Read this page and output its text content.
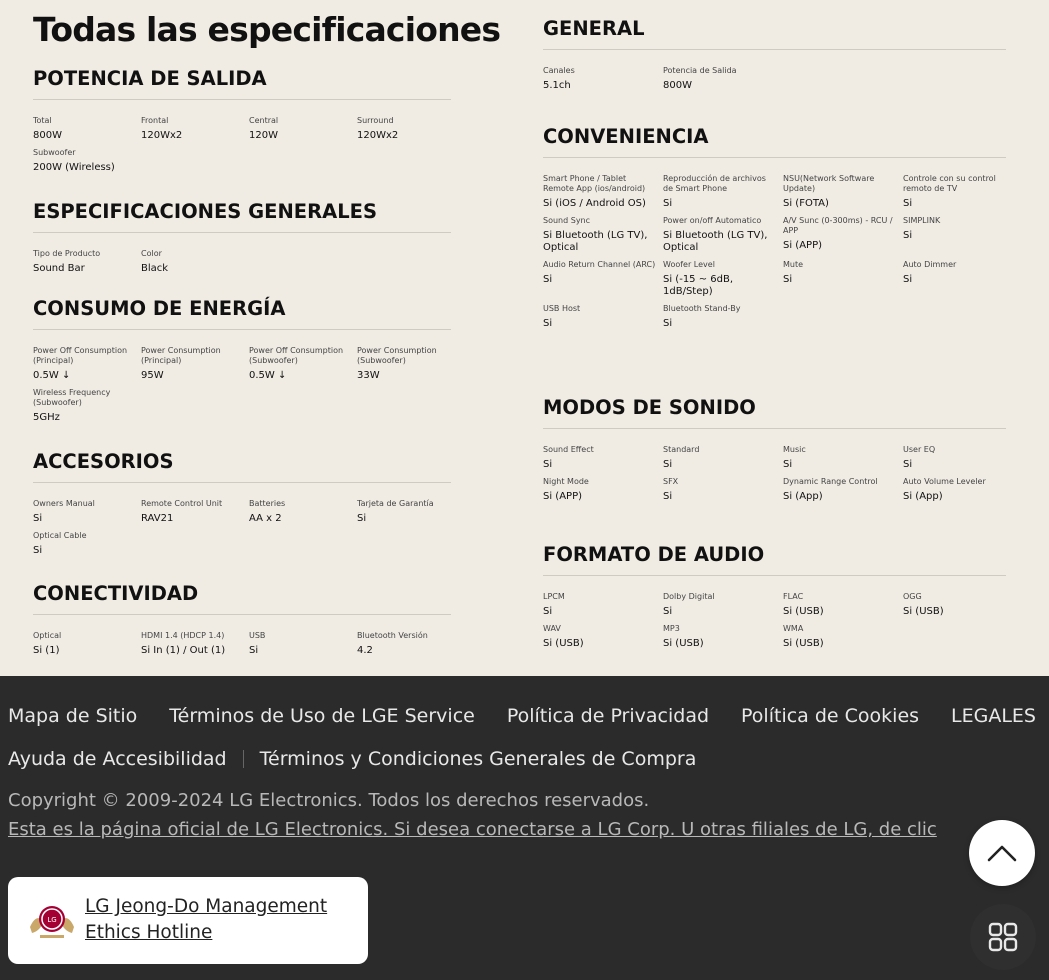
Todas las especificaciones
POTENCIA DE SALIDA
Total
800W
Frontal
120Wx2
Central
120W
Surround
120Wx2
Subwoofer
200W (Wireless)
ESPECIFICACIONES GENERALES
Tipo de Producto
Sound Bar
Color
Black
CONSUMO DE ENERGÍA
Power Off Consumption (Principal)
0.5W ↓
Power Consumption (Principal)
95W
Power Off Consumption (Subwoofer)
0.5W ↓
Power Consumption (Subwoofer)
33W
Wireless Frequency (Subwoofer)
5GHz
ACCESORIOS
Owners Manual
Si
Remote Control Unit
RAV21
Batteries
AA x 2
Tarjeta de Garantía
Si
Optical Cable
Si
CONECTIVIDAD
Optical
Si (1)
HDMI 1.4 (HDCP 1.4)
Si In (1) / Out (1)
USB
Si
Bluetooth Versión
4.2
GENERAL
Canales
5.1ch
Potencia de Salida
800W
CONVENIENCIA
Smart Phone / Tablet Remote App (ios/android)
Si (iOS / Android OS)
Reproducción de archivos de Smart Phone
Si
NSU(Network Software Update)
Si (FOTA)
Controle con su control remoto de TV
Si
Sound Sync
Si Bluetooth (LG TV), Optical
Power on/off Automatico
Si Bluetooth (LG TV), Optical
A/V Sunc (0-300ms) - RCU / APP
Si (APP)
SIMPLINK
Si
Audio Return Channel (ARC)
Si
Woofer Level
Si (-15 ~ 6dB, 1dB/Step)
Mute
Si
Auto Dimmer
Si
USB Host
Si
Bluetooth Stand-By
Si
MODOS DE SONIDO
Sound Effect
Si
Standard
Si
Music
Si
User EQ
Si
Night Mode
Si (APP)
SFX
Si
Dynamic Range Control
Si (App)
Auto Volume Leveler
Si (App)
FORMATO DE AUDIO
LPCM
Si
Dolby Digital
Si
FLAC
Si (USB)
OGG
Si (USB)
WAV
Si (USB)
MP3
Si (USB)
WMA
Si (USB)
Mapa de Sitio Términos de Uso de LGE Service Política de Privacidad Política de Cookies LEGALES
Ayuda de Accesibilidad Términos y Condiciones Generales de Compra
Copyright © 2009-2024 LG Electronics. Todos los derechos reservados.
Esta es la página oficial de LG Electronics. Si desea conectarse a LG Corp. U otras filiales de LG, de clic
LG
LG Jeong-Do Management
Ethics Hotline
